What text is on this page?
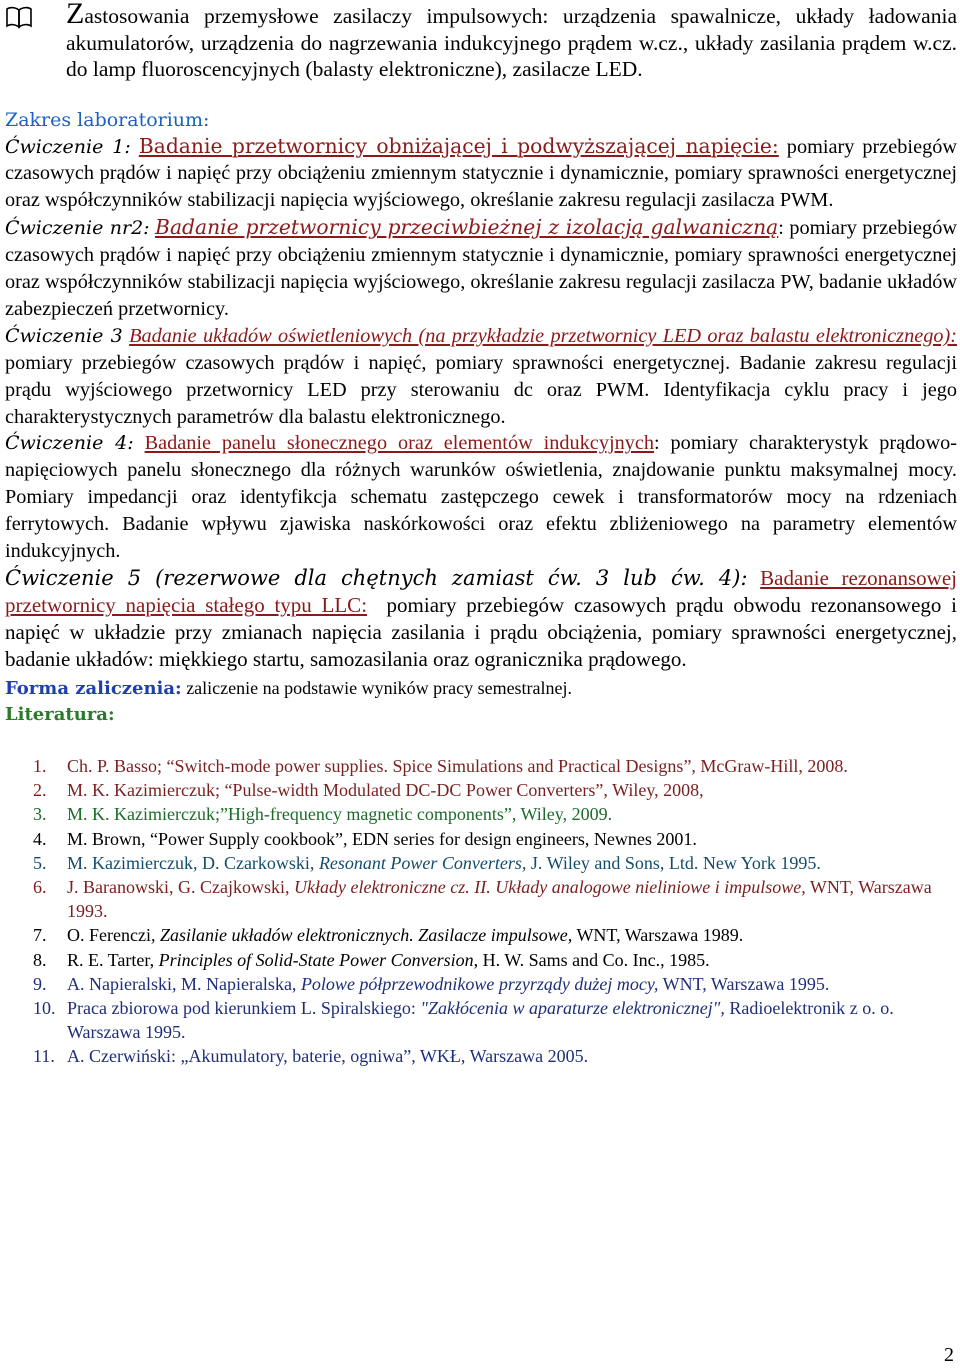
Zastosowania przemysłowe zasilaczy impulsowych: urządzenia spawalnicze, układy ładowania akumulatorów, urządzenia do nagrzewania indukcyjnego prądem w.cz., układy zasilania prądem w.cz. do lamp fluoroscencyjnych (balasty elektroniczne), zasilacze LED.
Zakres laboratorium:

Ćwiczenie 1: Badanie przetwornicy obniżającej i podwyższającej napięcie: pomiary przebiegów czasowych prądów i napięć przy obciążeniu zmiennym statycznie i dynamicznie, pomiary sprawności energetycznej oraz współczynników stabilizacji napięcia wyjściowego, określanie zakresu regulacji zasilacza PWM.

Ćwiczenie nr2: Badanie przetwornicy przeciwbieżnej z izolacją galwaniczną: pomiary przebiegów czasowych prądów i napięć przy obciążeniu zmiennym statycznie i dynamicznie, pomiary sprawności energetycznej oraz współczynników stabilizacji napięcia wyjściowego, określanie zakresu regulacji zasilacza PW, badanie układów zabezpieczeń przetwornicy.

Ćwiczenie 3 Badanie układów oświetleniowych (na przykładzie przetwornicy LED oraz balastu elektronicznego): pomiary przebiegów czasowych prądów i napięć, pomiary sprawności energetycznej. Badanie zakresu regulacji prądu wyjściowego przetwornicy LED przy sterowaniu dc oraz PWM. Identyfikacja cyklu pracy i jego charakterystycznych parametrów dla balastu elektronicznego.

Ćwiczenie 4: Badanie panelu słonecznego oraz elementów indukcyjnych: pomiary charakterystyk prądowo-napięciowych panelu słonecznego dla różnych warunków oświetlenia, znajdowanie punktu maksymalnej mocy. Pomiary impedancji oraz identyfikcja schematu zastępczego cewek i transformatorów mocy na rdzeniach ferrytowych. Badanie wpływu zjawiska naskórkowości oraz efektu zbliżeniowego na parametry elementów indukcyjnych.

Ćwiczenie 5 (rezerwowe dla chętnych zamiast ćw. 3 lub ćw. 4): Badanie rezonansowej przetwornicy napięcia stałego typu LLC: pomiary przebiegów czasowych prądu obwodu rezonansowego i napięć w układzie przy zmianach napięcia zasilania i prądu obciążenia, pomiary sprawności energetycznej, badanie układów: miękkiego startu, samozasilania oraz ogranicznika prądowego.

Forma zaliczenia: zaliczenie na podstawie wyników pracy semestralnej.
Literatura:
1. Ch. P. Basso; “Switch-mode power supplies. Spice Simulations and Practical Designs”, McGraw-Hill, 2008.
2. M. K. Kazimierczuk; “Pulse-width Modulated DC-DC Power Converters”, Wiley, 2008,
3. M. K. Kazimierczuk;”High-frequency magnetic components”, Wiley, 2009.
4. M. Brown, “Power Supply cookbook”, EDN series for design engineers, Newnes 2001.
5. M. Kazimierczuk, D. Czarkowski, Resonant Power Converters, J. Wiley and Sons, Ltd. New York 1995.
6. J. Baranowski, G. Czajkowski, Układy elektroniczne cz. II. Układy analogowe nieliniowe i impulsowe, WNT, Warszawa 1993.
7. O. Ferenczi, Zasilanie układów elektronicznych. Zasilacze impulsowe, WNT, Warszawa 1989.
8. R. E. Tarter, Principles of Solid-State Power Conversion, H. W. Sams and Co. Inc., 1985.
9. A. Napieralski, M. Napieralska, Polowe półprzewodnikowe przyrządy dużej mocy, WNT, Warszawa 1995.
10. Praca zbiorowa pod kierunkiem L. Spiralskiego: "Zakłócenia w aparaturze elektronicznej", Radioelektronik z o. o. Warszawa 1995.
11. A. Czerwiński: „Akumulatory, baterie, ogniwa”, WKŁ, Warszawa 2005.
2
